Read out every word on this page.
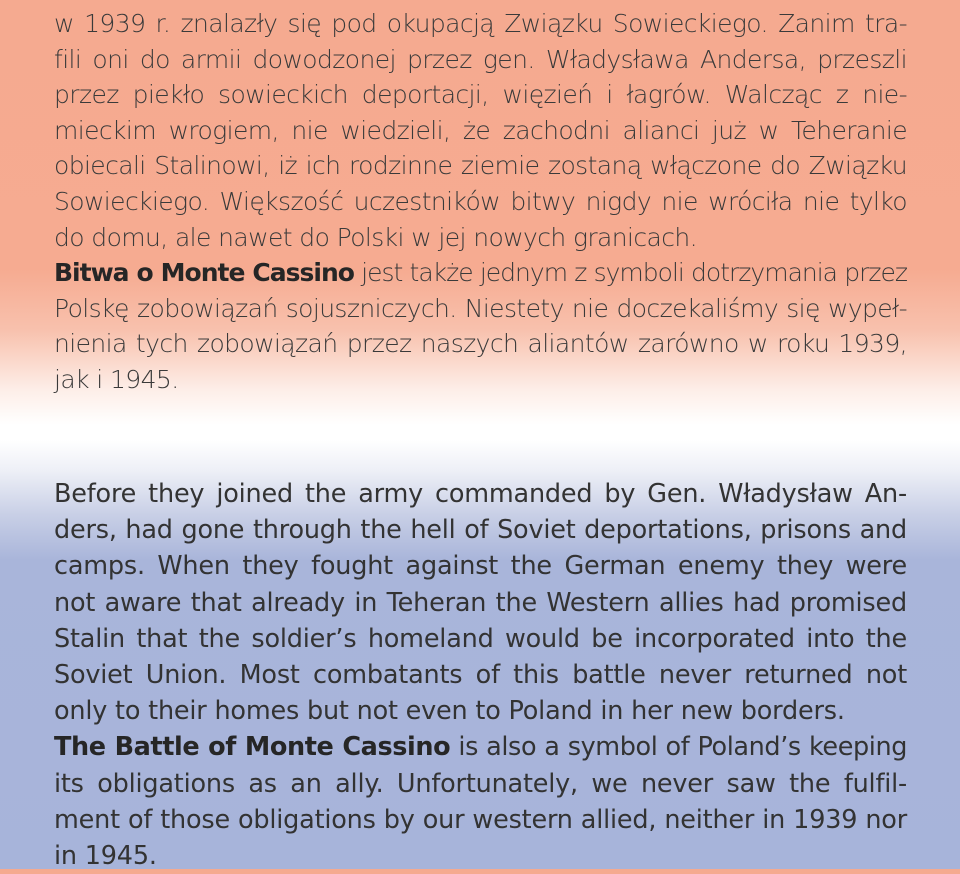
w 1939 r. znalazły się pod okupacją Związku Sowieckiego. Zanim tra-
fili oni do armii dowodzonej przez gen. Władysława Andersa, przeszli
przez piekło sowieckich deportacji, więzień i łagrów. Walcząc z nie-
mieckim wrogiem, nie wiedzieli, że zachodni alianci już w Teheranie
obiecali Stalinowi, iż ich rodzinne ziemie zostaną włączone do Związku
Sowieckiego. Większość uczestników bitwy nigdy nie wróciła nie tylko
do domu, ale nawet do Polski w jej nowych granicach.
Bitwa o Monte Cassino jest także jednym z symboli dotrzymania przez
Polskę zobowiązań sojuszniczych. Niestety nie doczekaliśmy się wypeł-
nienia tych zobowiązań przez naszych aliantów zarówno w roku 1939,
jak i 1945.
Before they joined the army commanded by Gen. Władysław An-
ders, had gone through the hell of Soviet deportations, prisons and
camps. When they fought against the German enemy they were
not aware that already in Teheran the Western allies had promised
Stalin that the soldier’s homeland would be incorporated into the
Soviet Union. Most combatants of this battle never returned not
only to their homes but not even to Poland in her new borders.
The Battle of Monte Cassino is also a symbol of Poland’s keeping
its obligations as an ally. Unfortunately, we never saw the fulfil-
ment of those obligations by our western allied, neither in 1939 nor
in 1945.
